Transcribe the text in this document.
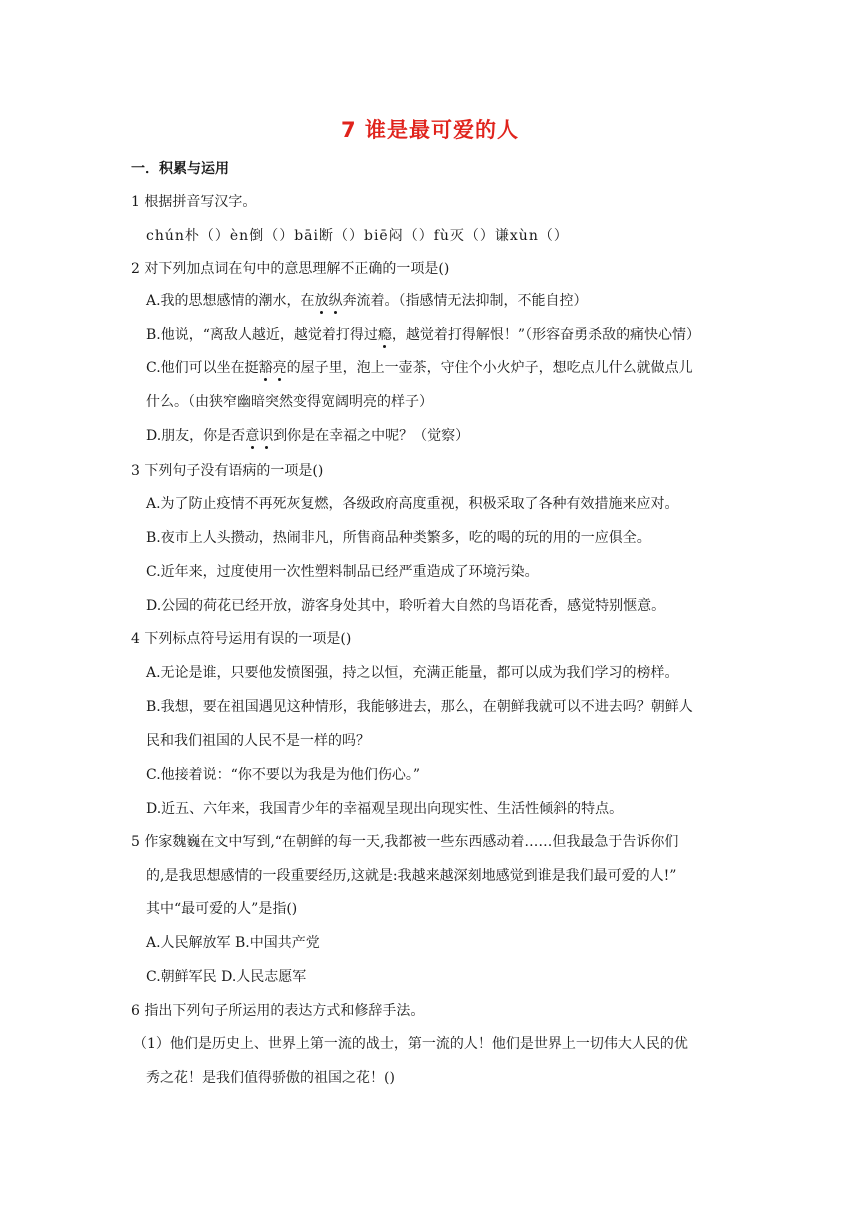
7 谁是最可爱的人
一．积累与运用
1 根据拼音写汉字。
chún朴（）èn倒（）bāi断（）biē闷（）fù灭（）谦xùn（）
2 对下列加点词在句中的意思理解不正确的一项是()
A.我的思想感情的潮水，在放纵奔流着。（指感情无法抑制，不能自控）
B.他说，“离敌人越近，越觉着打得过瘾，越觉着打得解恨！”（形容奋勇杀敌的痛快心情）
C.他们可以坐在挺豁亮的屋子里，泡上一壶茶，守住个小火炉子，想吃点儿什么就做点儿
什么。（由狭窄幽暗突然变得宽阔明亮的样子）
D.朋友，你是否意识到你是在幸福之中呢？（觉察）
3 下列句子没有语病的一项是()
A.为了防止疫情不再死灰复燃，各级政府高度重视，积极采取了各种有效措施来应对。
B.夜市上人头攒动，热闹非凡，所售商品种类繁多，吃的喝的玩的用的一应俱全。
C.近年来，过度使用一次性塑料制品已经严重造成了环境污染。
D.公园的荷花已经开放，游客身处其中，聆听着大自然的鸟语花香，感觉特别惬意。
4 下列标点符号运用有误的一项是()
A.无论是谁，只要他发愤图强，持之以恒，充满正能量，都可以成为我们学习的榜样。
B.我想，要在祖国遇见这种情形，我能够进去，那么，在朝鲜我就可以不进去吗？朝鲜人
民和我们祖国的人民不是一样的吗？
C.他接着说：“你不要以为我是为他们伤心。”
D.近五、六年来，我国青少年的幸福观呈现出向现实性、生活性倾斜的特点。
5 作家魏巍在文中写到,“在朝鲜的每一天,我都被一些东西感动着……但我最急于告诉你们
的,是我思想感情的一段重要经历,这就是:我越来越深刻地感觉到谁是我们最可爱的人!”
其中“最可爱的人”是指()
A.人民解放军 B.中国共产党
C.朝鲜军民 D.人民志愿军
6 指出下列句子所运用的表达方式和修辞手法。
（1）他们是历史上、世界上第一流的战士，第一流的人！他们是世界上一切伟大人民的优
秀之花！是我们值得骄傲的祖国之花！()
